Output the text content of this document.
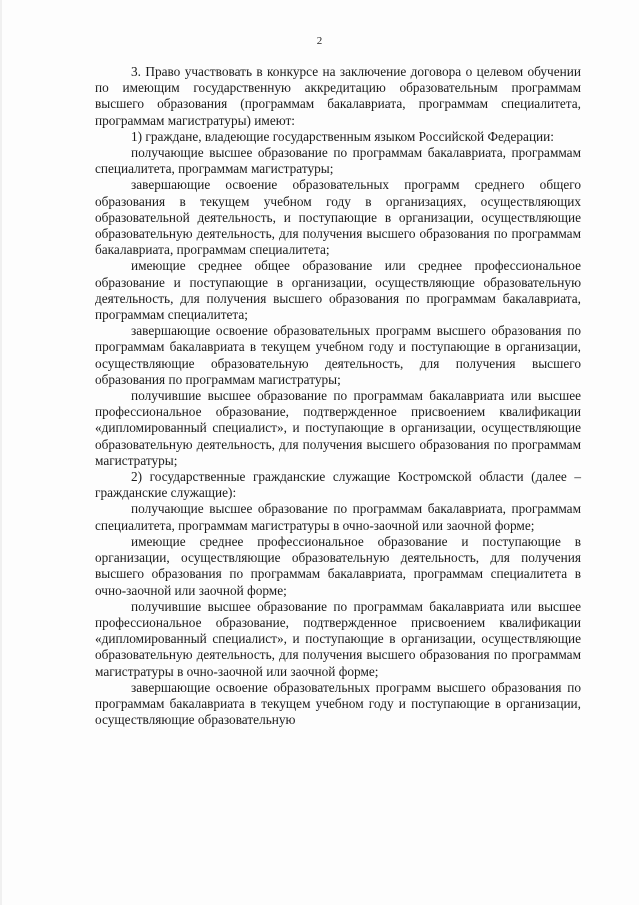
2

3. Право участвовать в конкурсе на заключение договора о целевом обучении по имеющим государственную аккредитацию образовательным программам высшего образования (программам бакалавриата, программам специалитета, программам магистратуры) имеют:

1) граждане, владеющие государственным языком Российской Федерации:

получающие высшее образование по программам бакалавриата, программам специалитета, программам магистратуры;

завершающие освоение образовательных программ среднего общего образования в текущем учебном году в организациях, осуществляющих образовательной деятельность, и поступающие в организации, осуществляющие образовательную деятельность, для получения высшего образования по программам бакалавриата, программам специалитета;

имеющие среднее общее образование или среднее профессиональное образование и поступающие в организации, осуществляющие образовательную деятельность, для получения высшего образования по программам бакалавриата, программам специалитета;

завершающие освоение образовательных программ высшего образования по программам бакалавриата в текущем учебном году и поступающие в организации, осуществляющие образовательную деятельность, для получения высшего образования по программам магистратуры;

получившие высшее образование по программам бакалавриата или высшее профессиональное образование, подтвержденное присвоением квалификации «дипломированный специалист», и поступающие в организации, осуществляющие образовательную деятельность, для получения высшего образования по программам магистратуры;

2) государственные гражданские служащие Костромской области (далее – гражданские служащие):

получающие высшее образование по программам бакалавриата, программам специалитета, программам магистратуры в очно-заочной или заочной форме;

имеющие среднее профессиональное образование и поступающие в организации, осуществляющие образовательную деятельность, для получения высшего образования по программам бакалавриата, программам специалитета в очно-заочной или заочной форме;

получившие высшее образование по программам бакалавриата или высшее профессиональное образование, подтвержденное присвоением квалификации «дипломированный специалист», и поступающие в организации, осуществляющие образовательную деятельность, для получения высшего образования по программам магистратуры в очно-заочной или заочной форме;

завершающие освоение образовательных программ высшего образования по программам бакалавриата в текущем учебном году и поступающие в организации, осуществляющие образовательную
